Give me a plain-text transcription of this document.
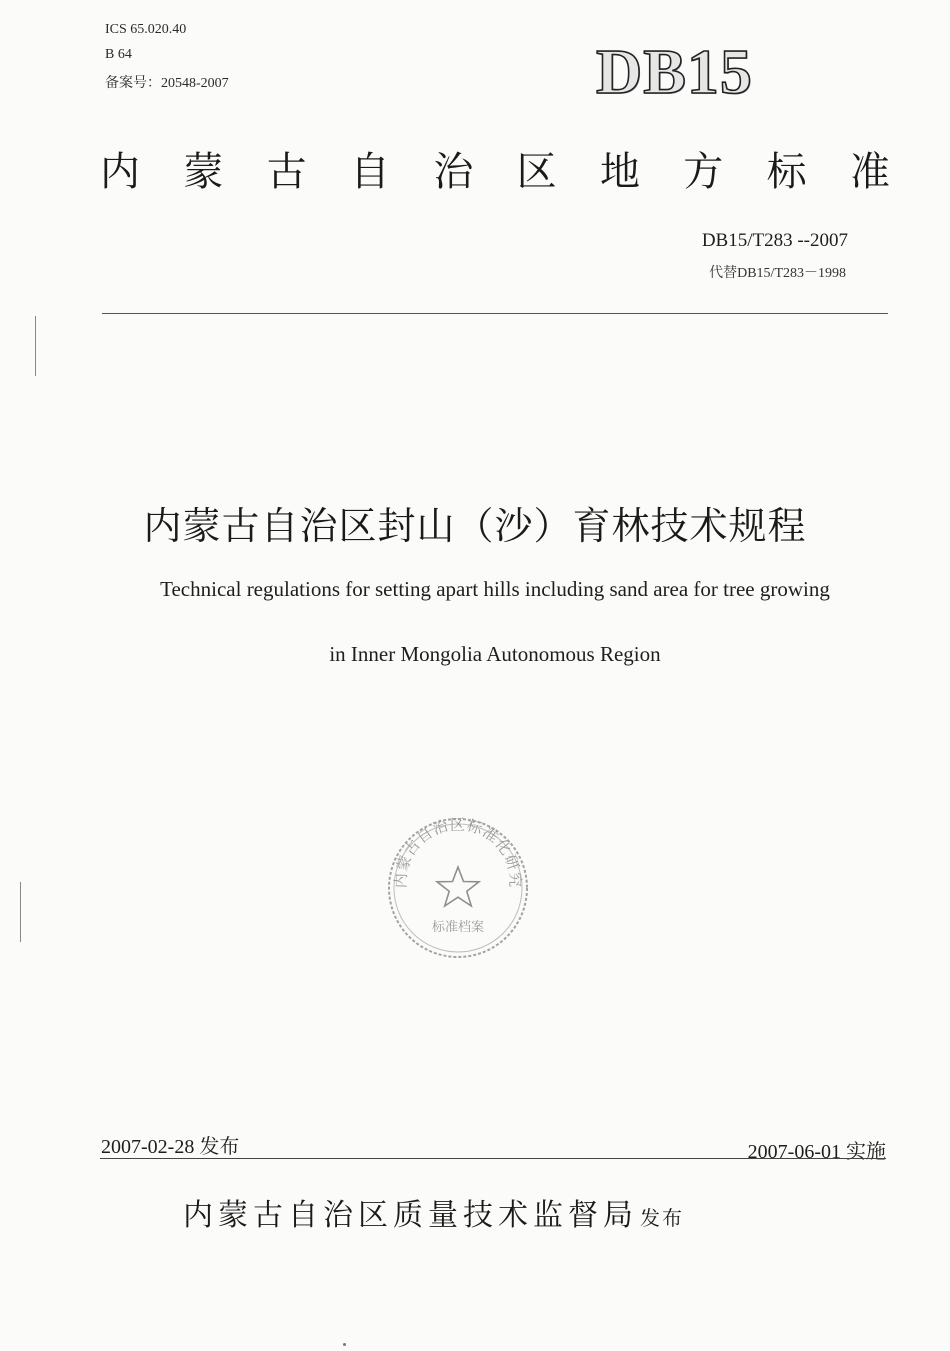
ICS 65.020.40
B 64
备案号：20548-2007	DB15
内 蒙 古 自 治 区 地 方 标 准
DB15/T283 --2007
代替DB15/T283－1998
内蒙古自治区封山（沙）育林技术规程
Technical regulations for setting apart hills including sand area for tree growing
in Inner Mongolia Autonomous Region
内蒙古自治区标准化研究
标准档案
2007-02-28 发布	2007-06-01 实施
内蒙古自治区质量技术监督局 发布
